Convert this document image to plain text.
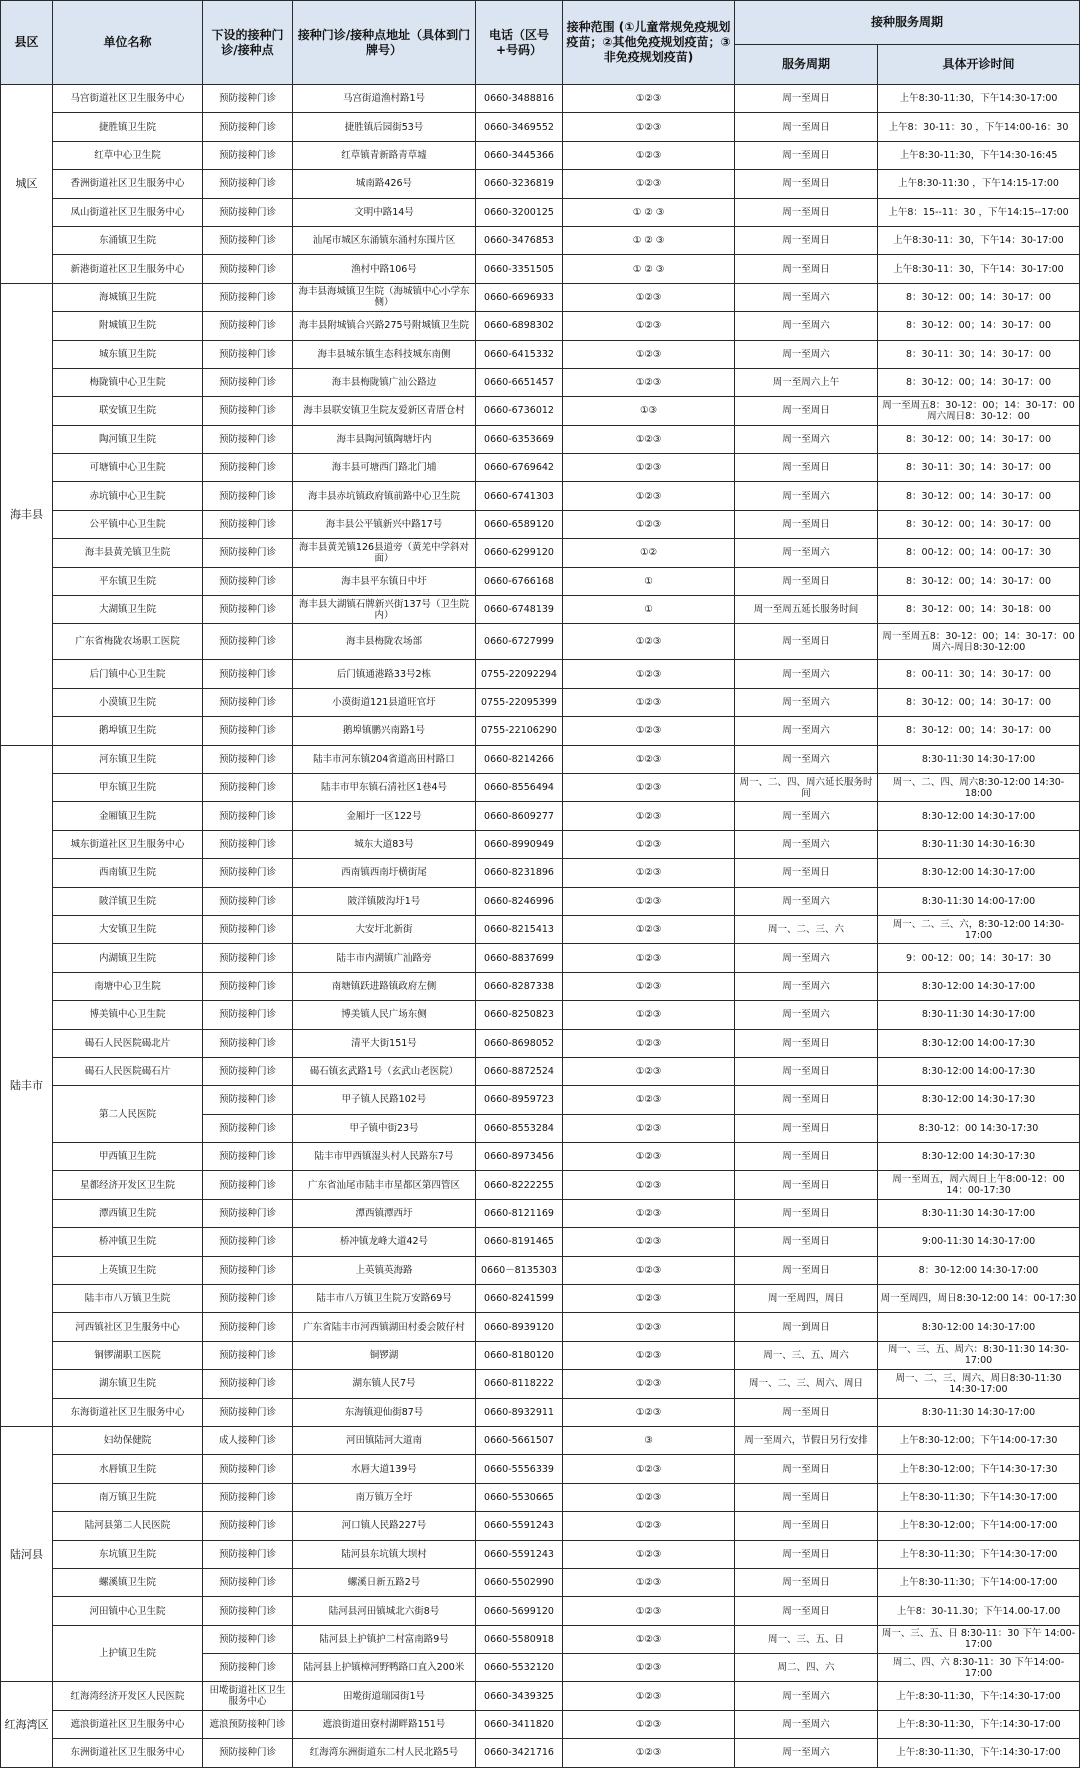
县区	单位名称	下设的接种门诊/接种点	接种门诊/接种点地址（具体到门牌号）	电话（区号+号码）	接种范围 (①儿童常规免疫规划疫苗；②其他免疫规划疫苗；③非免疫规划疫苗)	接种服务周期	
						服务周期	具体开诊时间
城区	马宫街道社区卫生服务中心	预防接种门诊	马宫街道渔村路1号	0660-3488816	①②③	周一至周日	上午8:30-11:30，下午14:30-17:00
	捷胜镇卫生院	预防接种门诊	捷胜镇后园街53号	0660-3469552	①②③	周一至周日	上午8：30-11：30 ，下午14:00-16：30
	红草中心卫生院	预防接种门诊	红草镇青新路青草墟	0660-3445366	①②③	周一至周日	上午8:30-11:30，下午14:30-16:45
	香洲街道社区卫生服务中心	预防接种门诊	城南路426号	0660-3236819	①②③	周一至周日	上午8:30-11:30 ，下午14:15-17:00
	凤山街道社区卫生服务中心	预防接种门诊	文明中路14号	0660-3200125	① ② ③	周一至周日	上午8：15--11：30 ，下午14:15--17:00
	东涌镇卫生院	预防接种门诊	汕尾市城区东涌镇东涌村东围片区	0660-3476853	① ② ③	周一至周日	上午8:30-11：30，下午14：30-17:00
	新港街道社区卫生服务中心	预防接种门诊	渔村中路106号	0660-3351505	① ② ③	周一至周日	上午8:30-11：30，下午14：30-17:00
海丰县	海城镇卫生院	预防接种门诊	海丰县海城镇卫生院（海城镇中心小学东侧）	0660-6696933	①②③	周一至周六	8：30-12：00；14：30-17：00
	附城镇卫生院	预防接种门诊	海丰县附城镇合兴路275号附城镇卫生院	0660-6898302	①②③	周一至周六	8：30-12：00；14：30-17：00
	城东镇卫生院	预防接种门诊	海丰县城东镇生态科技城东南侧	0660-6415332	①②③	周一至周六	8：30-11：30；14：30-17：00
	梅陇镇中心卫生院	预防接种门诊	海丰县梅陇镇广汕公路边	0660-6651457	①②③	周一至周六上午	8：30-12：00；14：30-17：00
	联安镇卫生院	预防接种门诊	海丰县联安镇卫生院友爱新区青厝仓村	0660-6736012	①③	周一至周日	周一至周五8：30-12：00；14：30-17：00 周六周日8：30-12：00
	陶河镇卫生院	预防接种门诊	海丰县陶河镇陶塘圩内	0660-6353669	①②③	周一至周六	8：30-12：00；14：30-17：00
	可塘镇中心卫生院	预防接种门诊	海丰县可塘西门路北门埔	0660-6769642	①②③	周一至周日	8：30-11：30；14：30-17：00
	赤坑镇中心卫生院	预防接种门诊	海丰县赤坑镇政府镇前路中心卫生院	0660-6741303	①②③	周一至周六	8：30-12：00；14：30-17：00
	公平镇中心卫生院	预防接种门诊	海丰县公平镇新兴中路17号	0660-6589120	①②③	周一至周日	8：30-12：00；14：30-17：00
	海丰县黄羌镇卫生院	预防接种门诊	海丰县黄羌镇126县道旁（黄羌中学斜对面）	0660-6299120	①②	周一至周六	8：00-12：00；14：00-17：30
	平东镇卫生院	预防接种门诊	海丰县平东镇日中圩	0660-6766168	①	周一至周日	8：30-12：00；14：30-17：00
	大湖镇卫生院	预防接种门诊	海丰县大湖镇石牌新兴街137号（卫生院内）	0660-6748139	①	周一至周五延长服务时间	8：30-12：00；14：30-18：00
	广东省梅陇农场职工医院	预防接种门诊	海丰县梅陇农场部	0660-6727999	①②③	周一至周日	周一至周五8：30-12：00；14：30-17：00 周六-周日8:30-12:00
	后门镇中心卫生院	预防接种门诊	后门镇通港路33号2栋	0755-22092294	①②③	周一至周六	8：00-11：30；14：30-17：00
	小漠镇卫生院	预防接种门诊	小漠街道121县道旺官圩	0755-22095399	①②③	周一至周六	8：30-12：00；14：30-17：00
	鹅埠镇卫生院	预防接种门诊	鹅埠镇鹏兴南路1号	0755-22106290	①②③	周一至周六	8：30-12：00；14：30-17：00
陆丰市	河东镇卫生院	预防接种门诊	陆丰市河东镇204省道高田村路口	0660-8214266	①②③	周一至周六	8:30-11:30 14:30-17:00
	甲东镇卫生院	预防接种门诊	陆丰市甲东镇石清社区1巷4号	0660-8556494	①②③	周一、二、四、周六延长服务时间	周一、二、四、周六8:30-12:00 14:30-18:00
	金厢镇卫生院	预防接种门诊	金厢圩一区122号	0660-8609277	①②③	周一至周六	8:30-12:00 14:30-17:00
	城东街道社区卫生服务中心	预防接种门诊	城东大道83号	0660-8990949	①②③	周一至周六	8:30-11:30 14:30-16:30
	西南镇卫生院	预防接种门诊	西南镇西南圩横街尾	0660-8231896	①②③	周一至周日	8:30-12:00 14:30-17:00
	陂洋镇卫生院	预防接种门诊	陂洋镇陂沟圩1号	0660-8246996	①②③	周一至周六	8:30-11:30 14:00-17:00
	大安镇卫生院	预防接种门诊	大安圩北新街	0660-8215413	①②③	周一、二、三、六	周一、二、三、六，8:30-12:00 14:30-17:00
	内湖镇卫生院	预防接种门诊	陆丰市内湖镇广汕路旁	0660-8837699	①②③	周一至周六	9：00-12：00；14：30-17：30
	南塘中心卫生院	预防接种门诊	南塘镇跃进路镇政府左侧	0660-8287338	①②③	周一至周六	8:30-12:00 14:30-17:00
	博美镇中心卫生院	预防接种门诊	博美镇人民广场东侧	0660-8250823	①②③	周一至周六	8:30-11:30 14:30-17:00
	碣石人民医院碣北片	预防接种门诊	清平大街151号	0660-8698052	①②③	周一至周日	8:30-12:00 14:00-17:30
	碣石人民医院碣石片	预防接种门诊	碣石镇玄武路1号（玄武山老医院）	0660-8872524	①②③	周一至周日	8:30-12:00 14:00-17:30
	第二人民医院	预防接种门诊	甲子镇人民路102号	0660-8959723	①②③	周一至周日	8:30-12:00 14:30-17:30
		预防接种门诊	甲子镇中街23号	0660-8553284	①②③	周一至周日	8:30-12：00 14:30-17:30
	甲西镇卫生院	预防接种门诊	陆丰市甲西镇湿头村人民路东7号	0660-8973456	①②③	周一至周日	8:30-12:00 14:30-17:30
	星都经济开发区卫生院	预防接种门诊	广东省汕尾市陆丰市星都区第四管区	0660-8222255	①②③	周一至周日	周一至周五，周六周日上午8:00-12：00 14：00-17:30
	潭西镇卫生院	预防接种门诊	潭西镇潭西圩	0660-8121169	①②③	周一至周日	8:30-11:30 14:30-17:00
	桥冲镇卫生院	预防接种门诊	桥冲镇龙峰大道42号	0660-8191465	①②③	周一至周日	9:00-11:30 14:30-17:00
	上英镇卫生院	预防接种门诊	上英镇英海路	0660－8135303	①②③	周一至周日	8：30-12:00 14:30-17:00
	陆丰市八万镇卫生院	预防接种门诊	陆丰市八万镇卫生院万安路69号	0660-8241599	①②③	周一至周四，周日	周一至周四，周日8:30-12:00 14：00-17:30
	河西镇社区卫生服务中心	预防接种门诊	广东省陆丰市河西镇湖田村委会陂仔村	0660-8939120	①②③	周一到周日	8:30-12:00 14:30-17:00
	铜锣湖职工医院	预防接种门诊	铜锣湖	0660-8180120	①②③	周一、三、五、周六	周一、三、五、周六：8:30-11:30 14:30-17:00
	湖东镇卫生院	预防接种门诊	湖东镇人民7号	0660-8118222	①②③	周一、二、三、周六、周日	周一、二、三、周六、周日8:30-11:30 14:30-17:00
	东海街道社区卫生服务中心	预防接种门诊	东海镇迎仙街87号	0660-8932911	①②③	周一至周日	8:30-11:30 14:30-17:00
陆河县	妇幼保健院	成人接种门诊	河田镇陆河大道南	0660-5661507	③	周一至周六，节假日另行安排	上午8:30-12:00；下午14:00-17:30
	水唇镇卫生院	预防接种门诊	水唇大道139号	0660-5556339	①②③	周一至周日	上午8:30-12:00；下午14:30-17:30
	南万镇卫生院	预防接种门诊	南万镇万全圩	0660-5530665	①②③	周一至周日	上午8:30-11:30；下午14:30-17:00
	陆河县第二人民医院	预防接种门诊	河口镇人民路227号	0660-5591243	①②③	周一至周日	上午8:30-12:00；下午14:00-17:00
	东坑镇卫生院	预防接种门诊	陆河县东坑镇大坝村	0660-5591243	①②③	周一至周日	上午8:30-11:30；下午14:30-17:00
	螺溪镇卫生院	预防接种门诊	螺溪日新五路2号	0660-5502990	①②③	周一至周日	上午8:30-11:30；下午14:00-17:00
	河田镇中心卫生院	预防接种门诊	陆河县河田镇城北六街8号	0660-5699120	①②③	周一至周日	上午8：30-11.30；下午14.00-17.00
	上护镇卫生院	预防接种门诊	陆河县上护镇护二村富南路9号	0660-5580918	①②③	周一、三、五、日	周一、三、五、日 8:30-11：30 下午 14:00-17:00
		预防接种门诊	陆河县上护镇樟河野鸭路口直入200米	0660-5532120	①②③	周二、四、六	周二、四、六 8:30-11：30 下午14:00-17:00
红海湾区	红海湾经济开发区人民医院	田墘街道社区卫生服务中心	田墘街道瑞园街1号	0660-3439325	①②③	周一至周六	上午:8:30-11:30，下午:14:30-17:00
	遮浪街道社区卫生服务中心	遮浪预防接种门诊	遮浪街道田寮村湖畔路151号	0660-3411820	①②③	周一至周六	上午:8:30-11:30，下午:14:30-17:00
	东洲街道社区卫生服务中心	预防接种门诊	红海湾东洲街道东二村人民北路5号	0660-3421716	①②③	周一至周六	上午:8:30-11:30，下午:14:30-17:00
